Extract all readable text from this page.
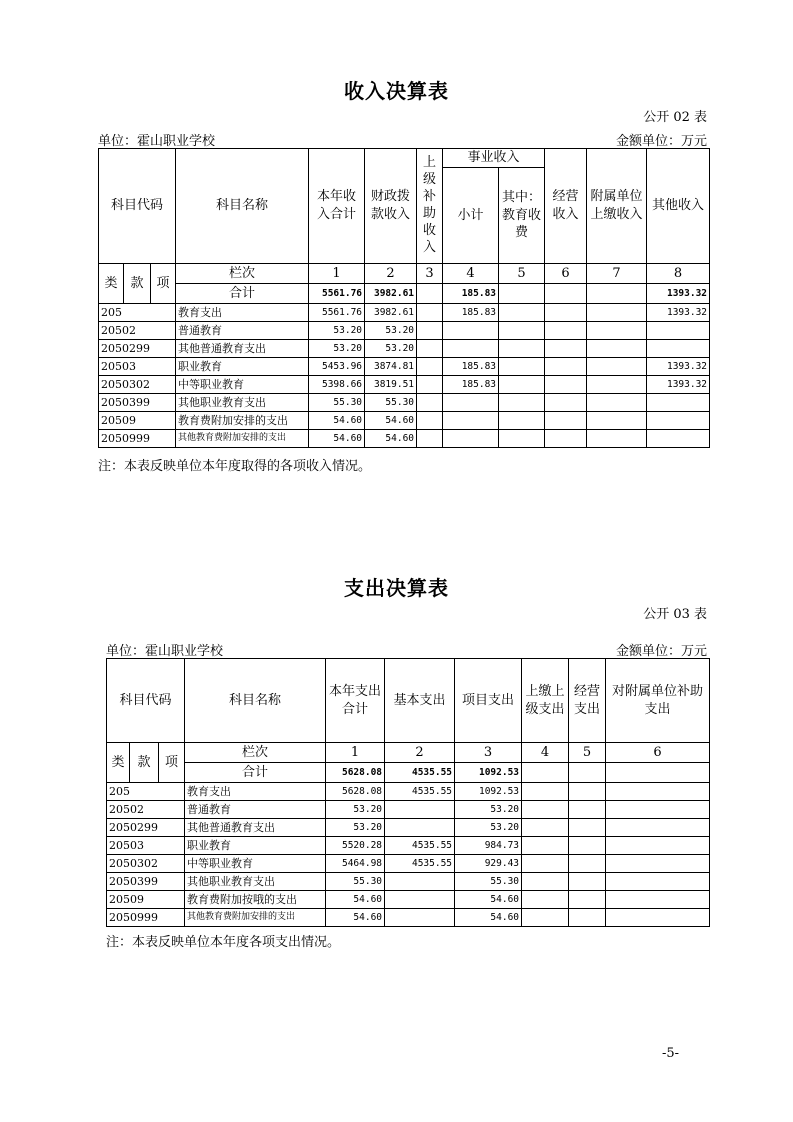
收入决算表
公开 02 表
单位：霍山职业学校	金额单位：万元
科目代码			科目名称	本年收入合计	财政拨款收入	上级补助收入	事业收入		经营收入	附属单位上缴收入	其他收入
							小计	其中：教育收费			
类	款	项	栏次	1	2	3	4	5	6	7	8
			合计	5561.76	3982.61		185.83				1393.32
205			教育支出	5561.76	3982.61		185.83				1393.32
20502			普通教育	53.20	53.20						
2050299			其他普通教育支出	53.20	53.20						
20503			职业教育	5453.96	3874.81		185.83				1393.32
2050302			中等职业教育	5398.66	3819.51		185.83				1393.32
2050399			其他职业教育支出	55.30	55.30						
20509			教育费附加安排的支出	54.60	54.60						
2050999			其他教育费附加安排的支出	54.60	54.60						
注：本表反映单位本年度取得的各项收入情况。
支出决算表
公开 03 表
单位：霍山职业学校	金额单位：万元
科目代码			科目名称	本年支出合计	基本支出	项目支出	上缴上级支出	经营支出	对附属单位补助支出
类	款	项	栏次	1	2	3	4	5	6
			合计	5628.08	4535.55	1092.53			
205			教育支出	5628.08	4535.55	1092.53			
20502			普通教育	53.20		53.20			
2050299			其他普通教育支出	53.20		53.20			
20503			职业教育	5520.28	4535.55	984.73			
2050302			中等职业教育	5464.98	4535.55	929.43			
2050399			其他职业教育支出	55.30		55.30			
20509			教育费附加按哦的支出	54.60		54.60			
2050999			其他教育费附加安排的支出	54.60		54.60			
注：本表反映单位本年度各项支出情况。
-5-
